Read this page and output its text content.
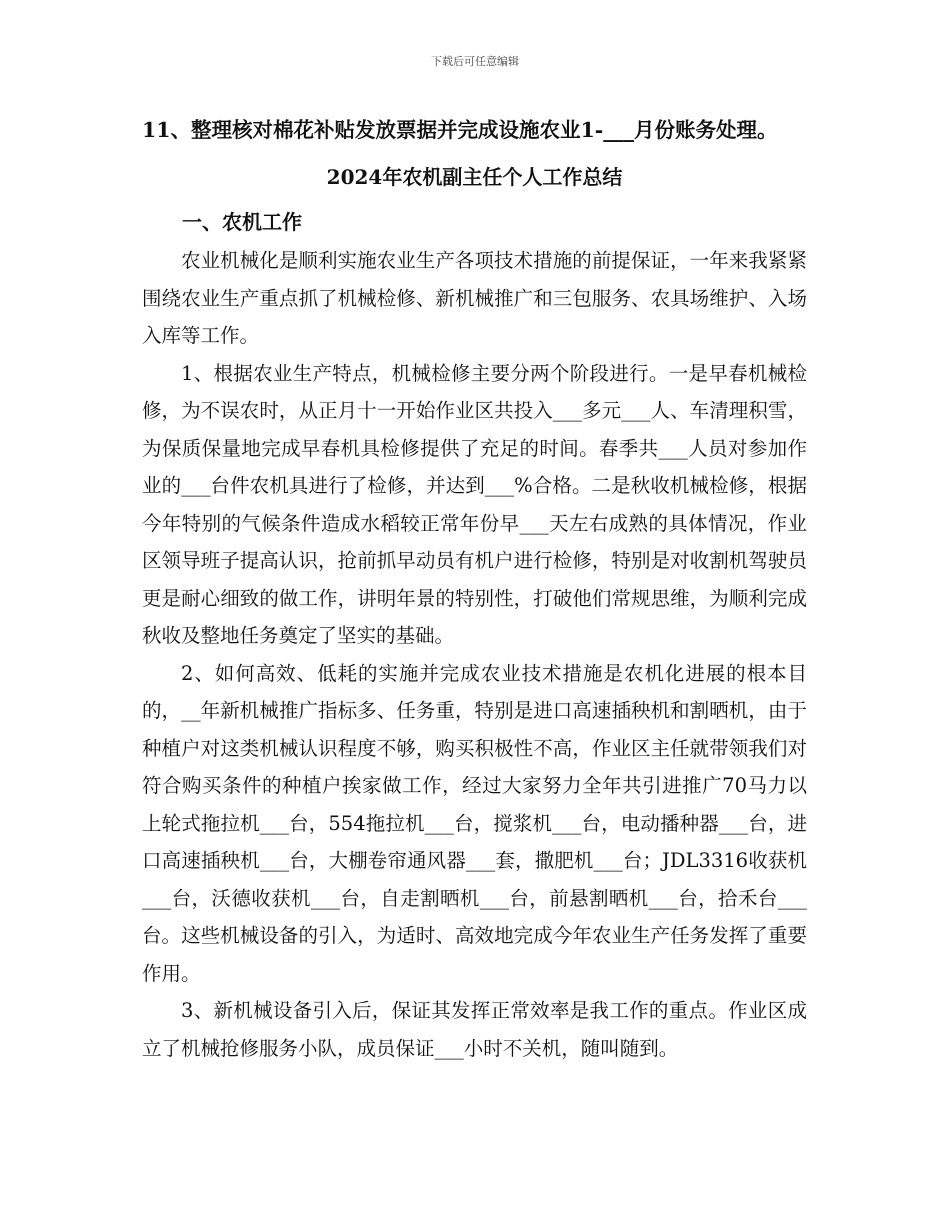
下载后可任意编辑

11、整理核对棉花补贴发放票据并完成设施农业1-___月份账务处理。

2024年农机副主任个人工作总结

一、农机工作

农业机械化是顺利实施农业生产各项技术措施的前提保证，一年来我紧紧围绕农业生产重点抓了机械检修、新机械推广和三包服务、农具场维护、入场入库等工作。

1、根据农业生产特点，机械检修主要分两个阶段进行。一是早春机械检修，为不误农时，从正月十一开始作业区共投入___多元___人、车清理积雪，为保质保量地完成早春机具检修提供了充足的时间。春季共___人员对参加作业的___台件农机具进行了检修，并达到___%合格。二是秋收机械检修，根据今年特别的气候条件造成水稻较正常年份早___天左右成熟的具体情况，作业区领导班子提高认识，抢前抓早动员有机户进行检修，特别是对收割机驾驶员更是耐心细致的做工作，讲明年景的特别性，打破他们常规思维，为顺利完成秋收及整地任务奠定了坚实的基础。

2、如何高效、低耗的实施并完成农业技术措施是农机化进展的根本目的，__年新机械推广指标多、任务重，特别是进口高速插秧机和割晒机，由于种植户对这类机械认识程度不够，购买积极性不高，作业区主任就带领我们对符合购买条件的种植户挨家做工作，经过大家努力全年共引进推广70马力以上轮式拖拉机___台，554拖拉机___台，搅浆机___台，电动播种器___台，进口高速插秧机___台，大棚卷帘通风器___套，撒肥机___台；JDL3316收获机___台，沃德收获机___台，自走割晒机___台，前悬割晒机___台，拾禾台___台。这些机械设备的引入，为适时、高效地完成今年农业生产任务发挥了重要作用。

3、新机械设备引入后，保证其发挥正常效率是我工作的重点。作业区成立了机械抢修服务小队，成员保证___小时不关机，随叫随到。
